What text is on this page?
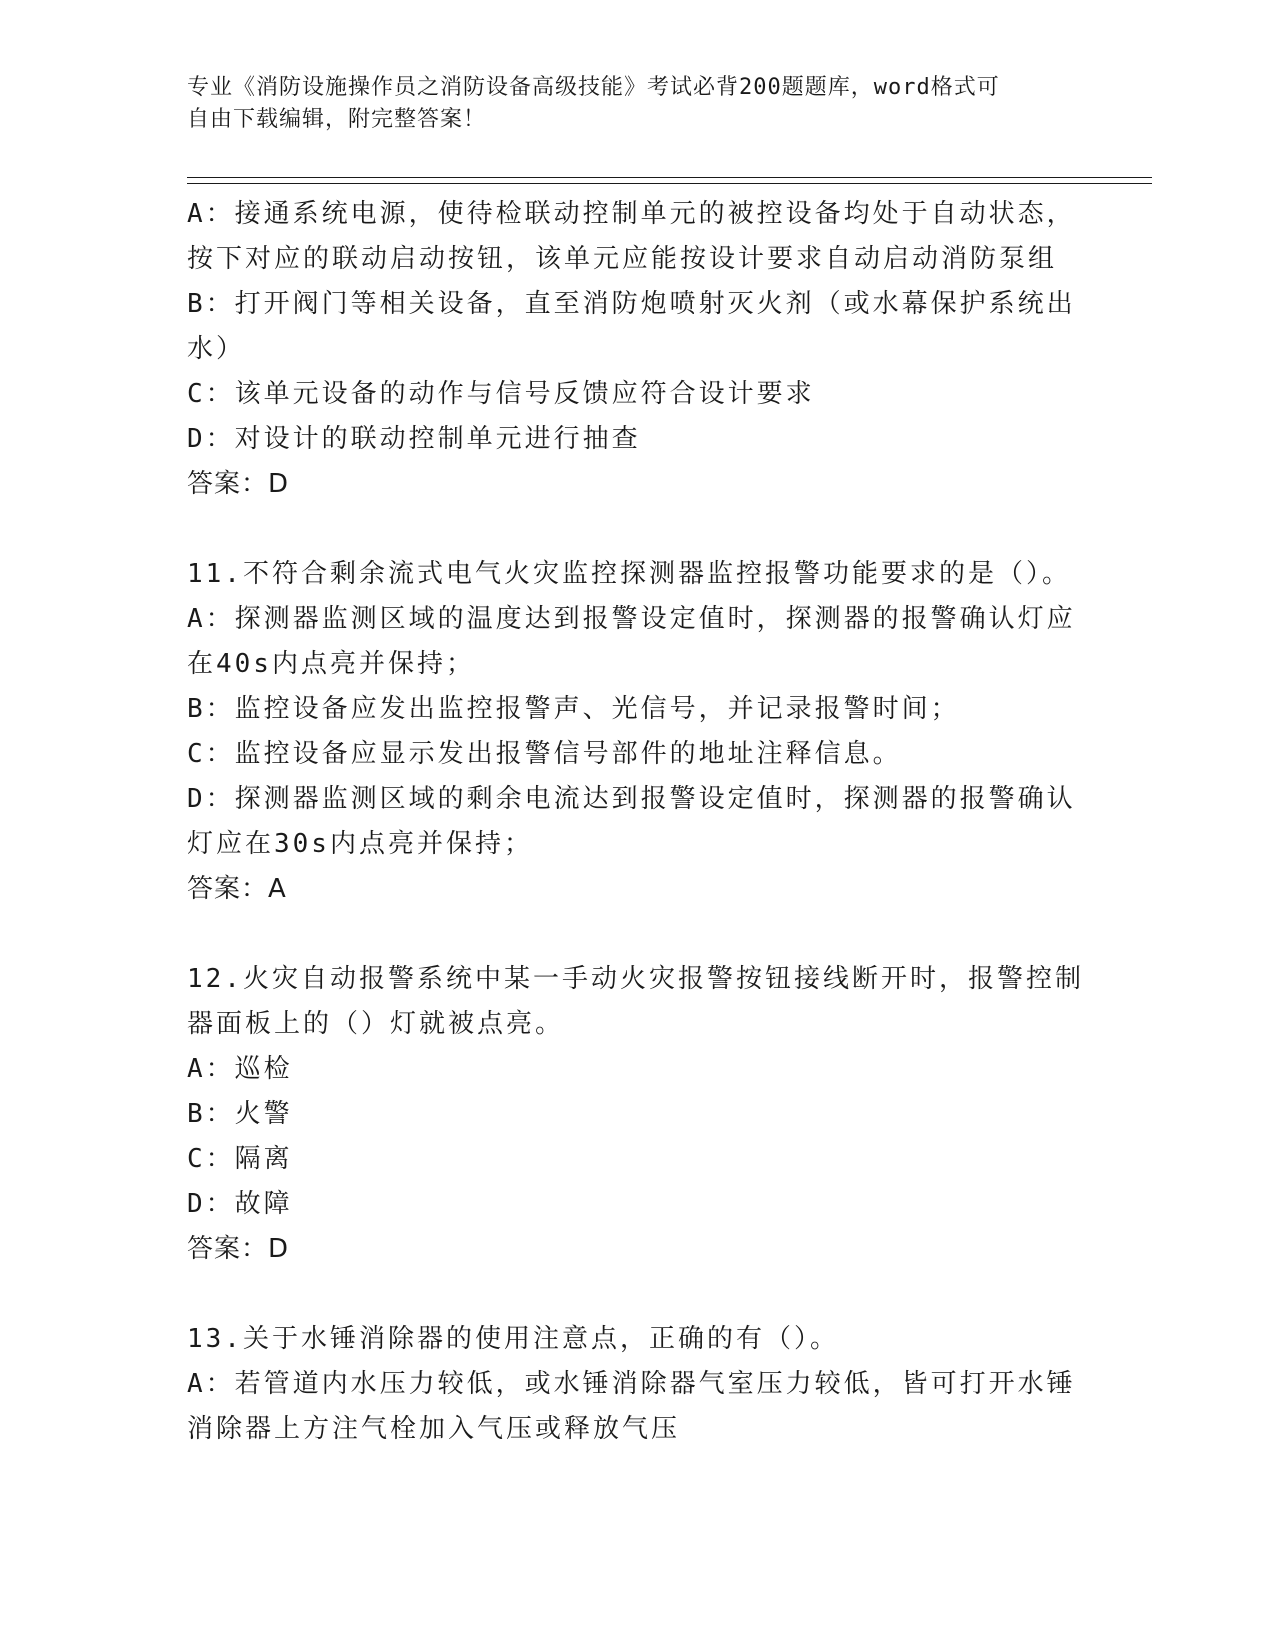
专业《消防设施操作员之消防设备高级技能》考试必背200题题库，word格式可
自由下载编辑，附完整答案！
A：接通系统电源，使待检联动控制单元的被控设备均处于自动状态，
按下对应的联动启动按钮，该单元应能按设计要求自动启动消防泵组
B：打开阀门等相关设备，直至消防炮喷射灭火剂（或水幕保护系统出
水）
C：该单元设备的动作与信号反馈应符合设计要求
D：对设计的联动控制单元进行抽查
答案：D
11.不符合剩余流式电气火灾监控探测器监控报警功能要求的是（）。
A：探测器监测区域的温度达到报警设定值时，探测器的报警确认灯应
在40s内点亮并保持；
B：监控设备应发出监控报警声、光信号，并记录报警时间；
C：监控设备应显示发出报警信号部件的地址注释信息。
D：探测器监测区域的剩余电流达到报警设定值时，探测器的报警确认
灯应在30s内点亮并保持；
答案：A
12.火灾自动报警系统中某一手动火灾报警按钮接线断开时，报警控制
器面板上的（）灯就被点亮。
A：巡检
B：火警
C：隔离
D：故障
答案：D
13.关于水锤消除器的使用注意点，正确的有（）。
A：若管道内水压力较低，或水锤消除器气室压力较低，皆可打开水锤
消除器上方注气栓加入气压或释放气压
